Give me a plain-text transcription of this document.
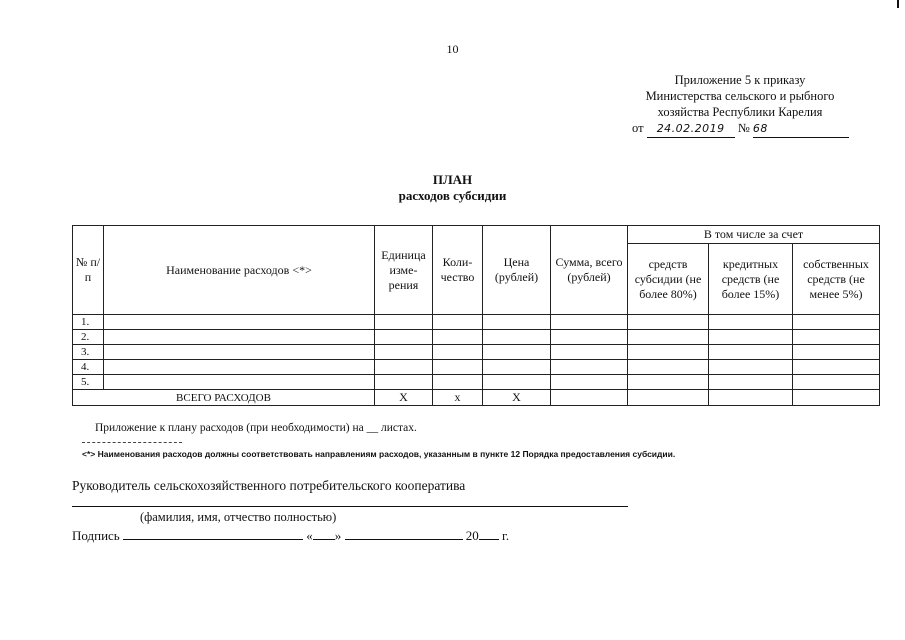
10
Приложение 5 к приказу
Министерства сельского и рыбного
хозяйства Республики Карелия
от 24.02.2019 № 68
ПЛАН
расходов субсидии
№ п/п	Наименование расходов <*>	Единица изме- рения	Коли- чество	Цена (рублей)	Сумма, всего (рублей)	В том числе за счет		
						средств субсидии (не более 80%)	кредитных средств (не более 15%)	собственных средств (не менее 5%)
1.								
2.								
3.								
4.								
5.								
ВСЕГО РАСХОДОВ		X	x	X				
Приложение к плану расходов (при необходимости) на __ листах.
<*> Наименования расходов должны соответствовать направлениям расходов, указанным в пункте 12 Порядка предоставления субсидии.
Руководитель сельскохозяйственного потребительского кооператива
(фамилия, имя, отчество полностью)
Подпись	« »	20 г.
